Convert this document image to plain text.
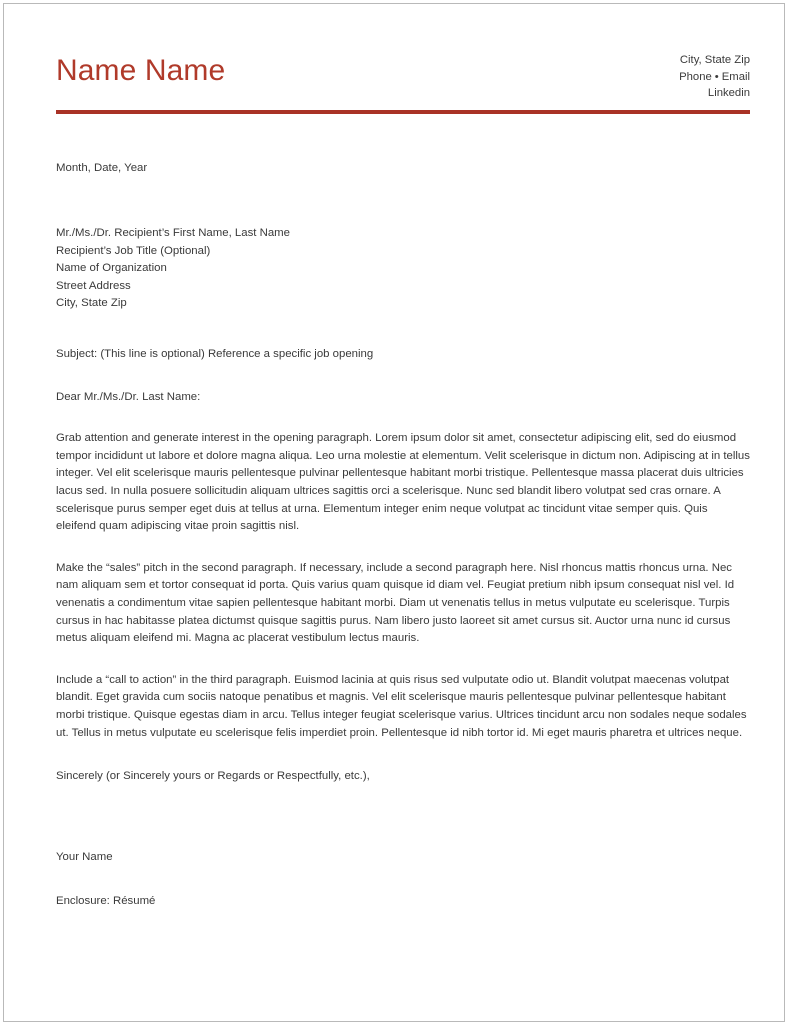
Name Name	City, State Zip
Phone • Email
Linkedin
Month, Date, Year
Mr./Ms./Dr. Recipient’s First Name, Last Name
Recipient’s Job Title (Optional)
Name of Organization
Street Address
City, State Zip
Subject: (This line is optional) Reference a specific job opening
Dear Mr./Ms./Dr. Last Name:

Grab attention and generate interest in the opening paragraph. Lorem ipsum dolor sit amet, consectetur adipiscing elit, sed do eiusmod tempor incididunt ut labore et dolore magna aliqua. Leo urna molestie at elementum. Velit scelerisque in dictum non. Adipiscing at in tellus integer. Vel elit scelerisque mauris pellentesque pulvinar pellentesque habitant morbi tristique. Pellentesque massa placerat duis ultricies lacus sed. In nulla posuere sollicitudin aliquam ultrices sagittis orci a scelerisque. Nunc sed blandit libero volutpat sed cras ornare. A scelerisque purus semper eget duis at tellus at urna. Elementum integer enim neque volutpat ac tincidunt vitae semper quis. Quis eleifend quam adipiscing vitae proin sagittis nisl.

Make the “sales” pitch in the second paragraph. If necessary, include a second paragraph here. Nisl rhoncus mattis rhoncus urna. Nec nam aliquam sem et tortor consequat id porta. Quis varius quam quisque id diam vel. Feugiat pretium nibh ipsum consequat nisl vel. Id venenatis a condimentum vitae sapien pellentesque habitant morbi. Diam ut venenatis tellus in metus vulputate eu scelerisque. Turpis cursus in hac habitasse platea dictumst quisque sagittis purus. Nam libero justo laoreet sit amet cursus sit. Auctor urna nunc id cursus metus aliquam eleifend mi. Magna ac placerat vestibulum lectus mauris.

Include a “call to action” in the third paragraph. Euismod lacinia at quis risus sed vulputate odio ut. Blandit volutpat maecenas volutpat blandit. Eget gravida cum sociis natoque penatibus et magnis. Vel elit scelerisque mauris pellentesque pulvinar pellentesque habitant morbi tristique. Quisque egestas diam in arcu. Tellus integer feugiat scelerisque varius. Ultrices tincidunt arcu non sodales neque sodales ut. Tellus in metus vulputate eu scelerisque felis imperdiet proin. Pellentesque id nibh tortor id. Mi eget mauris pharetra et ultrices neque.

Sincerely (or Sincerely yours or Regards or Respectfully, etc.),
Your Name
Enclosure: Résumé
